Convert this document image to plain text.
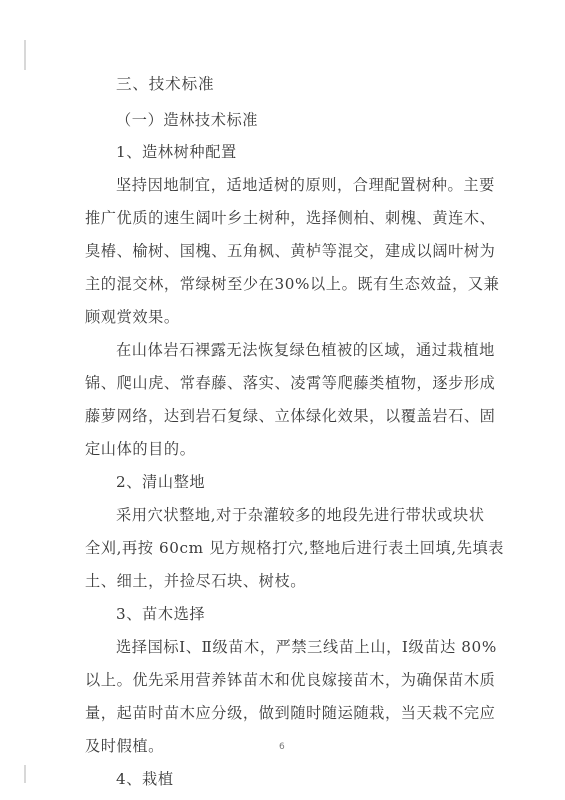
三、技术标准
（一）造林技术标准
1、造林树种配置
坚持因地制宜，适地适树的原则，合理配置树种。主要
推广优质的速生阔叶乡土树种，选择侧柏、刺槐、黄连木、
臭椿、榆树、国槐、五角枫、黄栌等混交，建成以阔叶树为
主的混交林，常绿树至少在30%以上。既有生态效益，又兼
顾观赏效果。
在山体岩石裸露无法恢复绿色植被的区域，通过栽植地
锦、爬山虎、常春藤、落实、凌霄等爬藤类植物，逐步形成
藤萝网络，达到岩石复绿、立体绿化效果，以覆盖岩石、固
定山体的目的。
2、清山整地
采用穴状整地,对于杂灌较多的地段先进行带状或块状
全刈,再按 60cm 见方规格打穴,整地后进行表土回填,先填表
土、细土，并捡尽石块、树枝。
3、苗木选择
选择国标Ⅰ、Ⅱ级苗木，严禁三线苗上山，Ⅰ级苗达 80%
以上。优先采用营养钵苗木和优良嫁接苗木，为确保苗木质
量，起苗时苗木应分级，做到随时随运随栽，当天栽不完应
及时假植。
4、栽植
6
